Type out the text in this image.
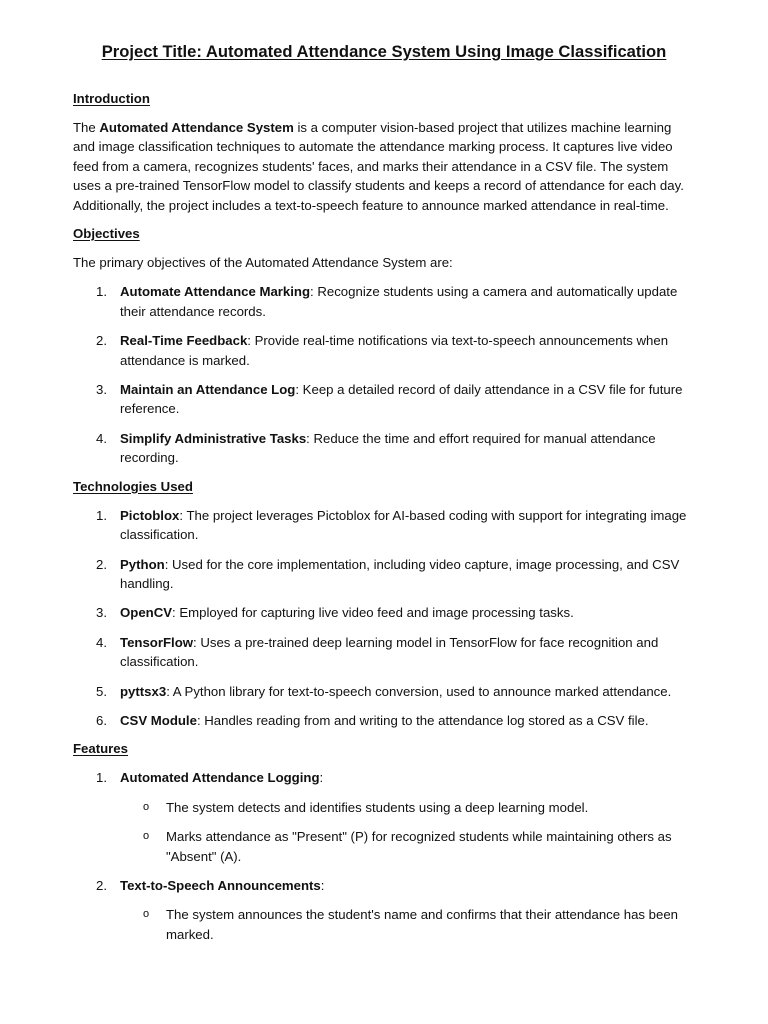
Project Title: Automated Attendance System Using Image Classification
Introduction

The Automated Attendance System is a computer vision-based project that utilizes machine learning and image classification techniques to automate the attendance marking process. It captures live video feed from a camera, recognizes students' faces, and marks their attendance in a CSV file. The system uses a pre-trained TensorFlow model to classify students and keeps a record of attendance for each day. Additionally, the project includes a text-to-speech feature to announce marked attendance in real-time.

Objectives

The primary objectives of the Automated Attendance System are:

1. Automate Attendance Marking: Recognize students using a camera and automatically update their attendance records.
2. Real-Time Feedback: Provide real-time notifications via text-to-speech announcements when attendance is marked.
3. Maintain an Attendance Log: Keep a detailed record of daily attendance in a CSV file for future reference.
4. Simplify Administrative Tasks: Reduce the time and effort required for manual attendance recording.
Technologies Used
1. Pictoblox: The project leverages Pictoblox for AI-based coding with support for integrating image classification.
2. Python: Used for the core implementation, including video capture, image processing, and CSV handling.
3. OpenCV: Employed for capturing live video feed and image processing tasks.
4. TensorFlow: Uses a pre-trained deep learning model in TensorFlow for face recognition and classification.
5. pyttsx3: A Python library for text-to-speech conversion, used to announce marked attendance.
6. CSV Module: Handles reading from and writing to the attendance log stored as a CSV file.
Features
1. Automated Attendance Logging:
o The system detects and identifies students using a deep learning model.
o Marks attendance as "Present" (P) for recognized students while maintaining others as "Absent" (A).
2. Text-to-Speech Announcements:
o The system announces the student's name and confirms that their attendance has been marked.
